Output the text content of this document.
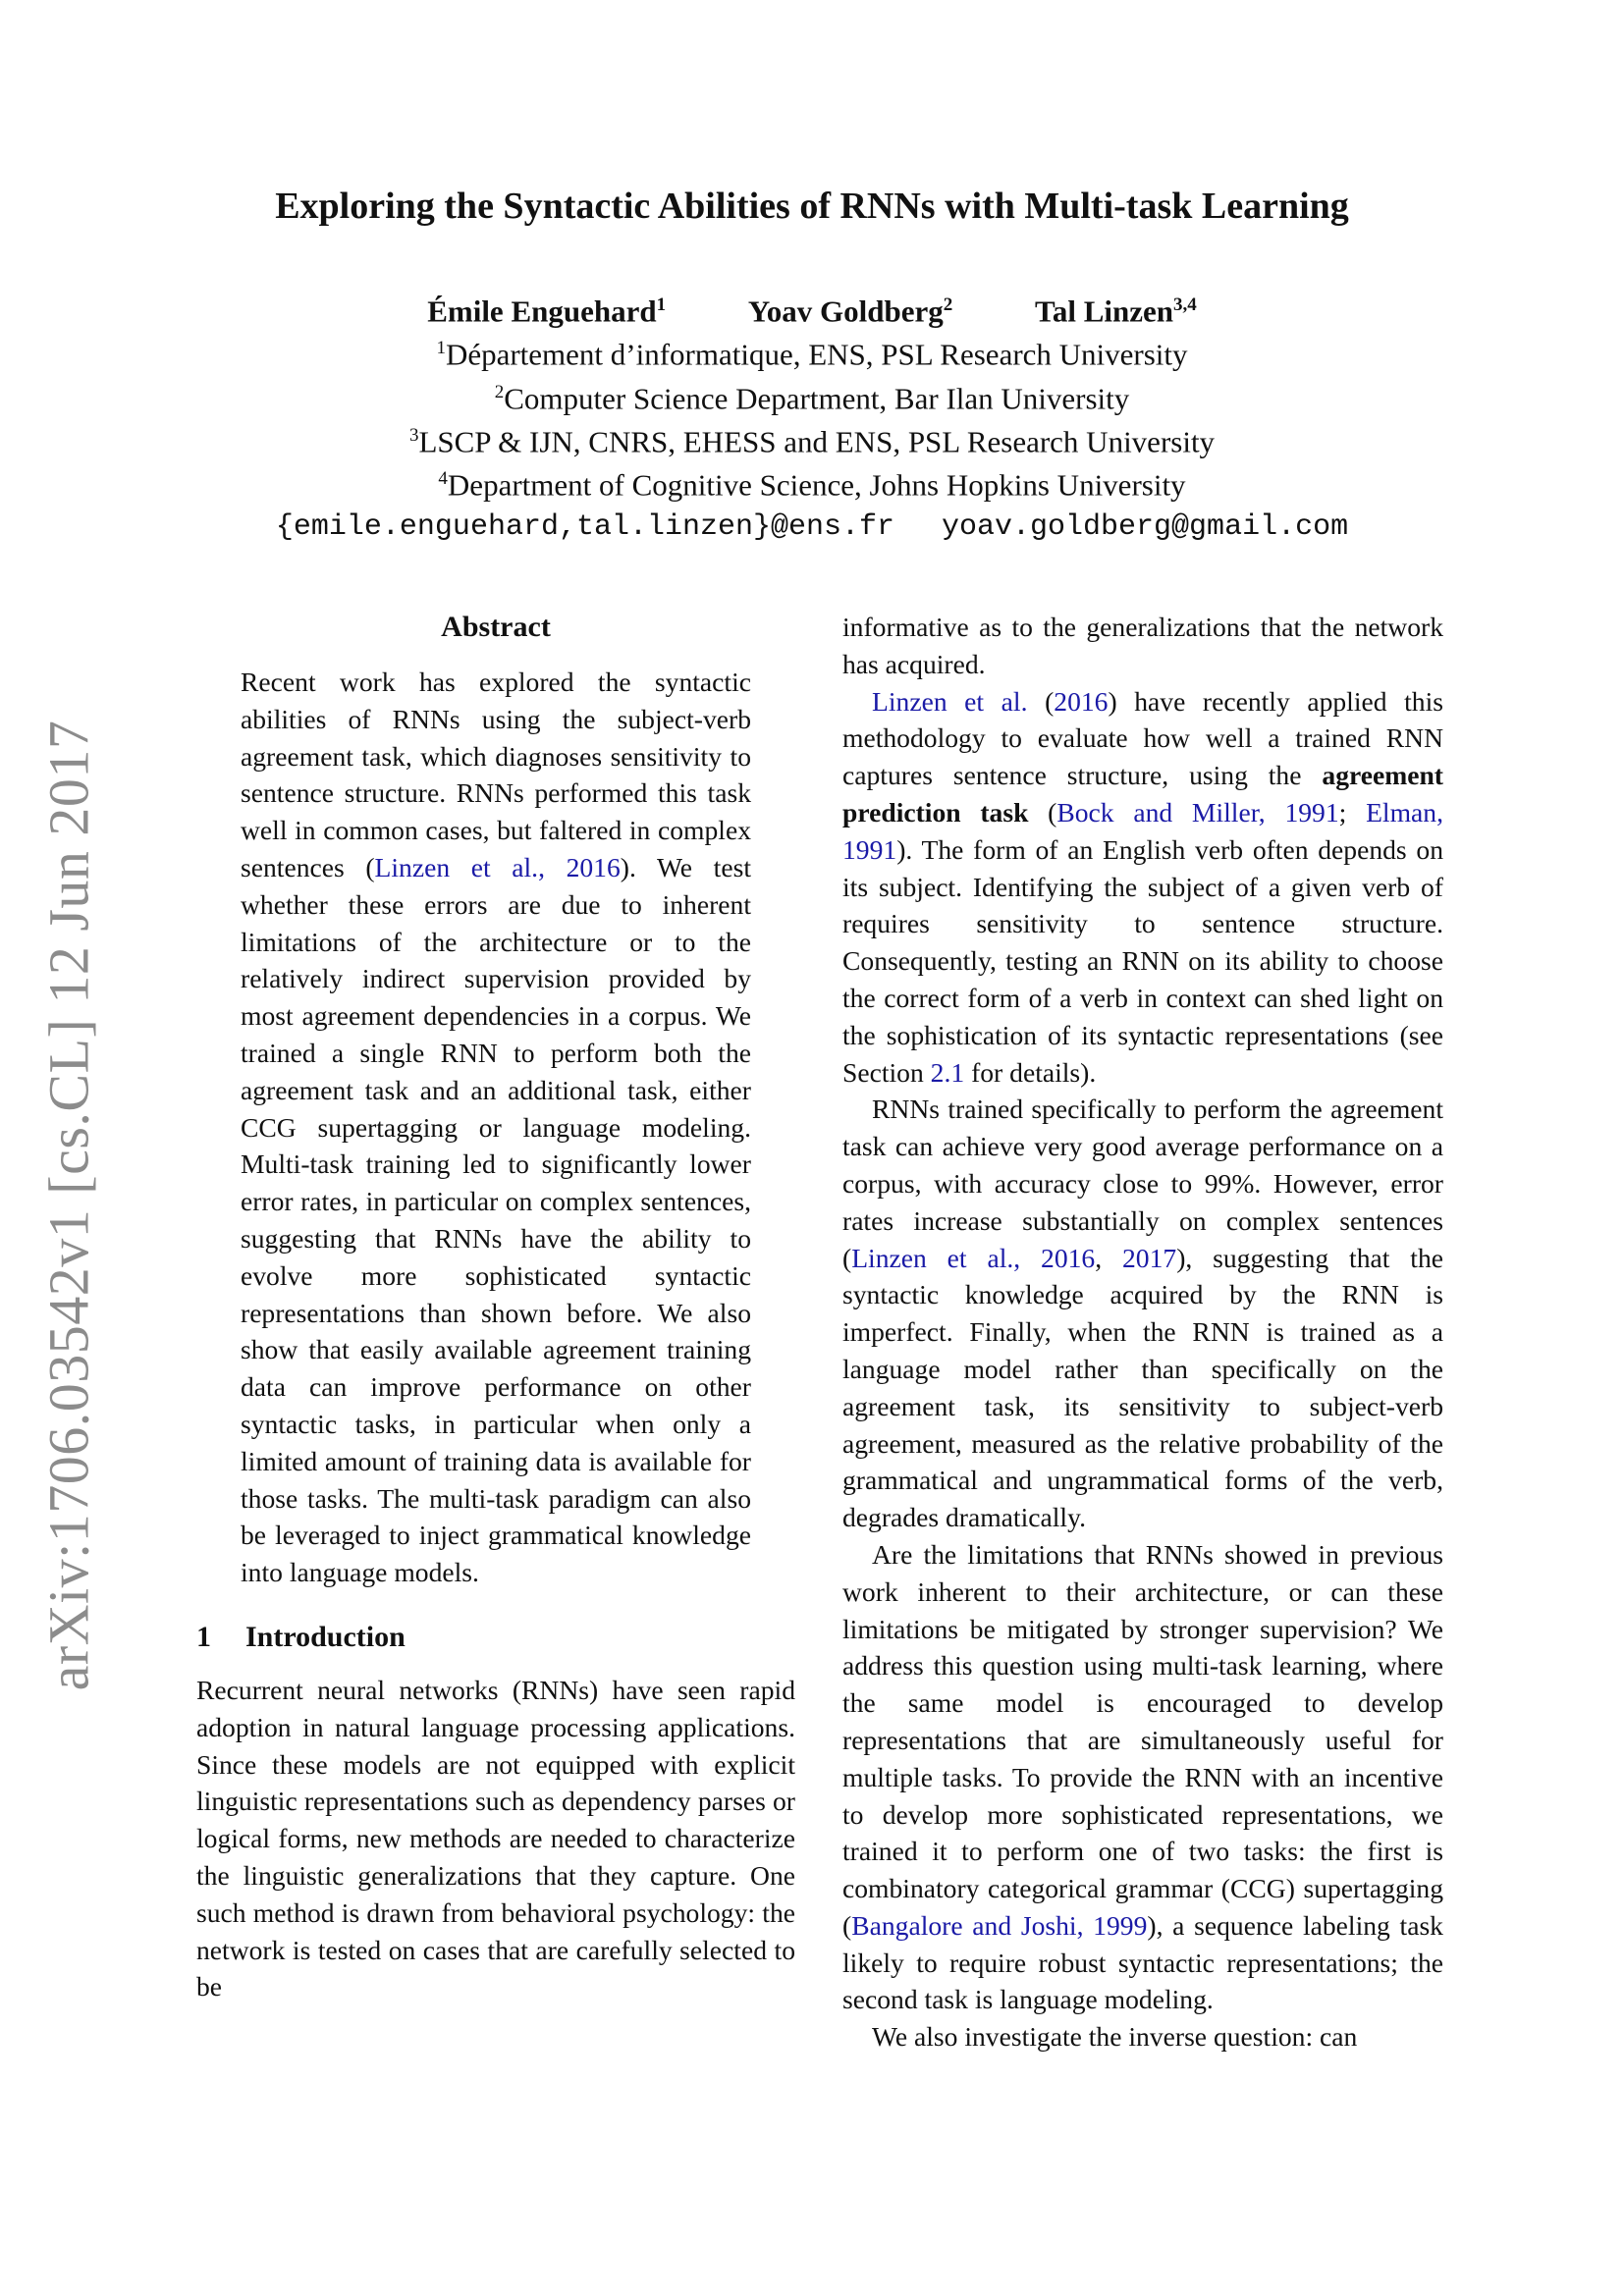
arXiv:1706.03542v1 [cs.CL] 12 Jun 2017
Exploring the Syntactic Abilities of RNNs with Multi-task Learning
Émile Enguehard$^1$	Yoav Goldberg$^2$	Tal Linzen$^{3,4}$
$^1$Département d’informatique, ENS, PSL Research University
$^2$Computer Science Department, Bar Ilan University
$^3$LSCP & IJN, CNRS, EHESS and ENS, PSL Research University
$^4$Department of Cognitive Science, Johns Hopkins University
{emile.enguehard,tal.linzen}@ens.fr yoav.goldberg@gmail.com
Abstract

Recent work has explored the syntactic abilities of RNNs using the subject-verb agreement task, which diagnoses sensitivity to sentence structure. RNNs performed this task well in common cases, but faltered in complex sentences (Linzen et al., 2016). We test whether these errors are due to inherent limitations of the architecture or to the relatively indirect supervision provided by most agreement dependencies in a corpus. We trained a single RNN to perform both the agreement task and an additional task, either CCG supertagging or language modeling. Multi-task training led to significantly lower error rates, in particular on complex sentences, suggesting that RNNs have the ability to evolve more sophisticated syntactic representations than shown before. We also show that easily available agreement training data can improve performance on other syntactic tasks, in particular when only a limited amount of training data is available for those tasks. The multi-task paradigm can also be leveraged to inject grammatical knowledge into language models.

1 Introduction

Recurrent neural networks (RNNs) have seen rapid adoption in natural language processing applications. Since these models are not equipped with explicit linguistic representations such as dependency parses or logical forms, new methods are needed to characterize the linguistic generalizations that they capture. One such method is drawn from behavioral psychology: the network is tested on cases that are carefully selected to be

informative as to the generalizations that the network has acquired.

Linzen et al. (2016) have recently applied this methodology to evaluate how well a trained RNN captures sentence structure, using the agreement prediction task (Bock and Miller, 1991; Elman, 1991). The form of an English verb often depends on its subject. Identifying the subject of a given verb of requires sensitivity to sentence structure. Consequently, testing an RNN on its ability to choose the correct form of a verb in context can shed light on the sophistication of its syntactic representations (see Section 2.1 for details).

RNNs trained specifically to perform the agreement task can achieve very good average performance on a corpus, with accuracy close to 99%. However, error rates increase substantially on complex sentences (Linzen et al., 2016, 2017), suggesting that the syntactic knowledge acquired by the RNN is imperfect. Finally, when the RNN is trained as a language model rather than specifically on the agreement task, its sensitivity to subject-verb agreement, measured as the relative probability of the grammatical and ungrammatical forms of the verb, degrades dramatically.

Are the limitations that RNNs showed in previous work inherent to their architecture, or can these limitations be mitigated by stronger supervision? We address this question using multi-task learning, where the same model is encouraged to develop representations that are simultaneously useful for multiple tasks. To provide the RNN with an incentive to develop more sophisticated representations, we trained it to perform one of two tasks: the first is combinatory categorical grammar (CCG) supertagging (Bangalore and Joshi, 1999), a sequence labeling task likely to require robust syntactic representations; the second task is language modeling.

We also investigate the inverse question: can
